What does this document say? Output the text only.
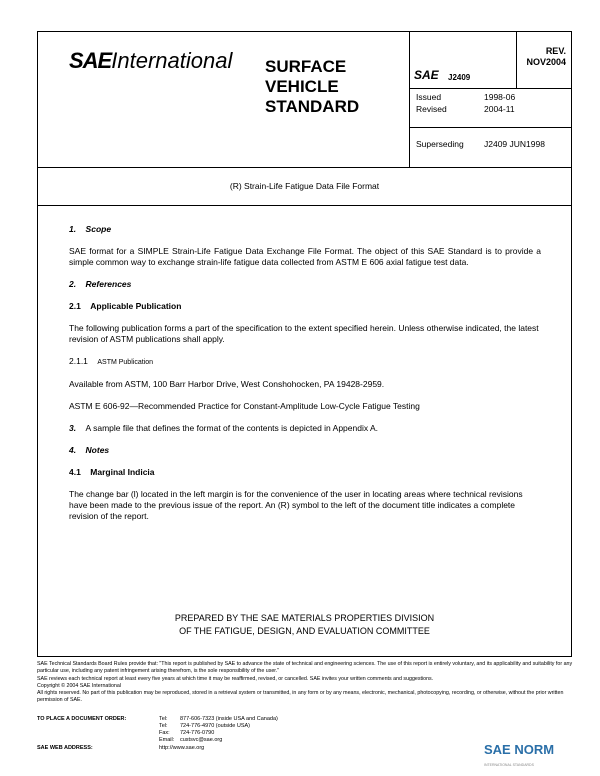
SAEInternational SURFACE
VEHICLE
STANDARD
SAE J2409
REV.
NOV2004
Issued	1998-06
Revised	2004-11
Superseding J2409 JUN1998
(R) Strain-Life Fatigue Data File Format

1. Scope

SAE format for a SIMPLE Strain-Life Fatigue Data Exchange File Format. The object of this SAE Standard is to provide a simple common way to exchange strain-life fatigue data collected from ASTM E 606 axial fatigue test data.

2. References

2.1 Applicable Publication

The following publication forms a part of the specification to the extent specified herein. Unless otherwise indicated, the latest revision of ASTM publications shall apply.

2.1.1 ASTM Publication

Available from ASTM, 100 Barr Harbor Drive, West Conshohocken, PA 19428-2959.

ASTM E 606-92—Recommended Practice for Constant-Amplitude Low-Cycle Fatigue Testing

3. A sample file that defines the format of the contents is depicted in Appendix A.

4. Notes

4.1 Marginal Indicia

The change bar (l) located in the left margin is for the convenience of the user in locating areas where technical revisions have been made to the previous issue of the report. An (R) symbol to the left of the document title indicates a complete revision of the report.

PREPARED BY THE SAE MATERIALS PROPERTIES DIVISION
OF THE FATIGUE, DESIGN, AND EVALUATION COMMITTEE

SAE Technical Standards Board Rules provide that: "This report is published by SAE to advance the state of technical and engineering sciences. The use of this report is entirely voluntary, and its applicability and suitability for any particular use, including any patent infringement arising therefrom, is the sole responsibility of the user."

SAE reviews each technical report at least every five years at which time it may be reaffirmed, revised, or cancelled. SAE invites your written comments and suggestions.

Copyright © 2004 SAE International

All rights reserved. No part of this publication may be reproduced, stored in a retrieval system or transmitted, in any form or by any means, electronic, mechanical, photocopying, recording, or otherwise, without the prior written permission of SAE.

TO PLACE A DOCUMENT ORDER:	Tel: 877-606-7323 (inside USA and Canada)
Tel: 724-776-4970 (outside USA)
Fax: 724-776-0790
Email: custsvc@sae.org
SAE WEB ADDRESS:	http://www.sae.org	SAE NORM
INTERNATIONAL STANDARDS
